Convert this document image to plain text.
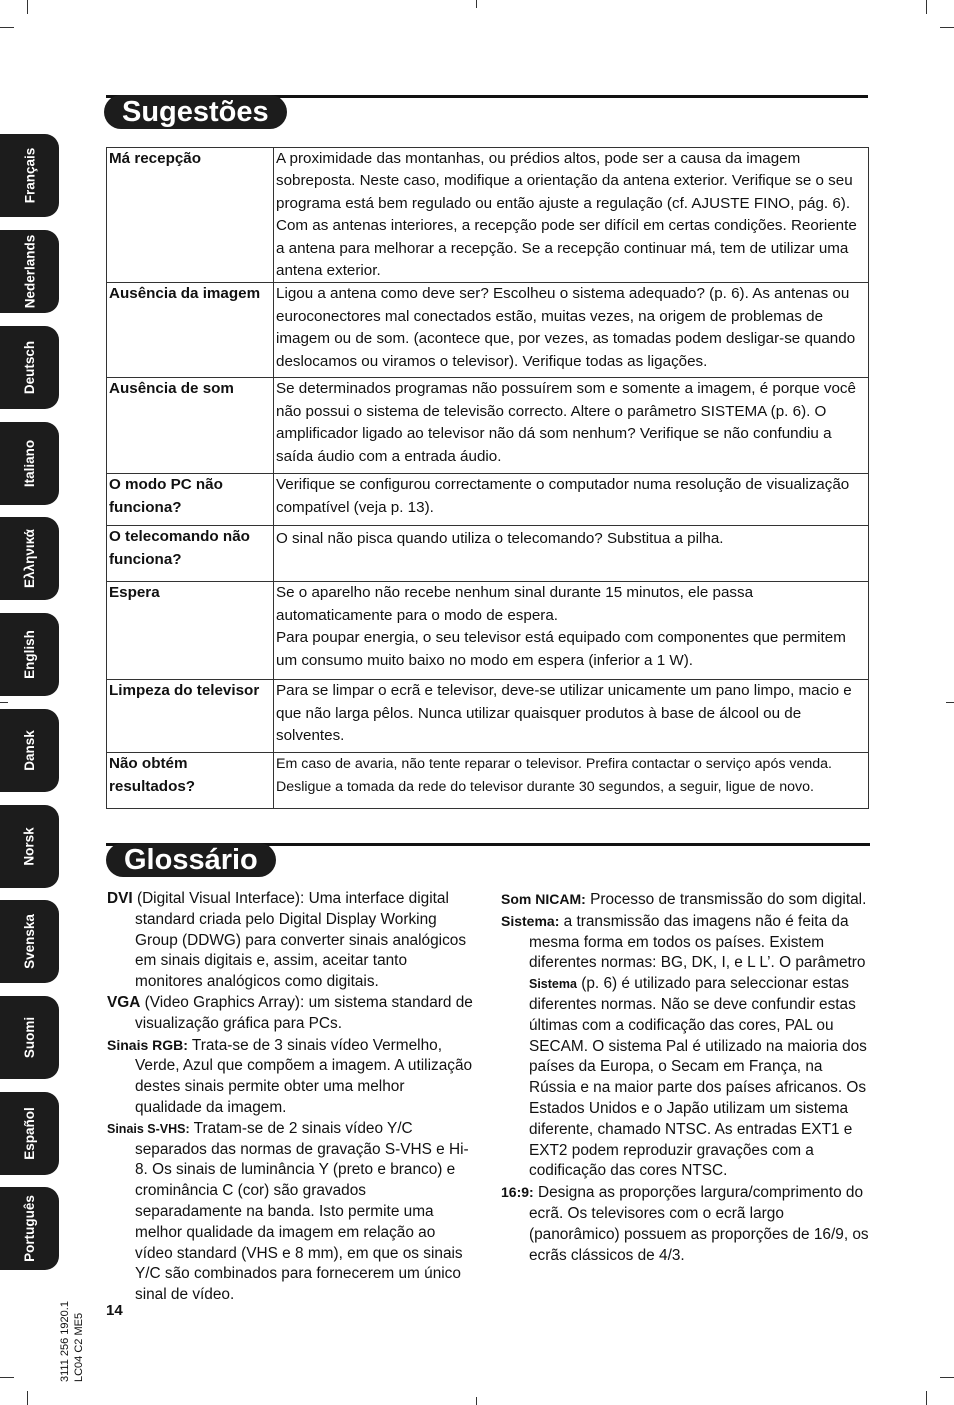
Français
Nederlands
Deutsch
Italiano
Ελληνικά
English
Dansk
Norsk
Svenska
Suomi
Español
Português
Sugestões
Má recepção	A proximidade das montanhas, ou prédios altos, pode ser a causa da imagem sobreposta. Neste caso, modifique a orientação da antena exterior. Verifique se o seu programa está bem regulado ou então ajuste a regulação (cf. AJUSTE FINO, pág. 6). Com as antenas interiores, a recepção pode ser difícil em certas condições. Reoriente a antena para melhorar a recepção. Se a recepção continuar má, tem de utilizar uma antena exterior.
Ausência da imagem	Ligou a antena como deve ser? Escolheu o sistema adequado? (p. 6). As antenas ou euroconectores mal conectados estão, muitas vezes, na origem de problemas de imagem ou de som. (acontece que, por vezes, as tomadas podem desligar-se quando deslocamos ou viramos o televisor). Verifique todas as ligações.
Ausência de som	Se determinados programas não possuírem som e somente a imagem, é porque você não possui o sistema de televisão correcto. Altere o parâmetro SISTEMA (p. 6). O amplificador ligado ao televisor não dá som nenhum? Verifique se não confundiu a saída áudio com a entrada áudio.
O modo PC não funciona?	Verifique se configurou correctamente o computador numa resolução de visualização compatível (veja p. 13).
O telecomando não funciona?	O sinal não pisca quando utiliza o telecomando? Substitua a pilha.
Espera	Se o aparelho não recebe nenhum sinal durante 15 minutos, ele passa automaticamente para o modo de espera.
Para poupar energia, o seu televisor está equipado com componentes que permitem um consumo muito baixo no modo em espera (inferior a 1 W).

Limpeza do televisor	Para se limpar o ecrã e televisor, deve-se utilizar unicamente um pano limpo, macio e que não larga pêlos. Nunca utilizar quaisquer produtos à base de álcool ou de solventes.
Não obtém resultados?	Em caso de avaria, não tente reparar o televisor. Prefira contactar o serviço após venda. Desligue a tomada da rede do televisor durante 30 segundos, a seguir, ligue de novo.
Glossário

DVI (Digital Visual Interface): Uma interface digital standard criada pelo Digital Display Working Group (DDWG) para converter sinais analógicos em sinais digitais e, assim, aceitar tanto monitores analógicos como digitais.

VGA (Video Graphics Array): um sistema standard de visualização gráfica para PCs.

Sinais RGB: Trata-se de 3 sinais vídeo Vermelho, Verde, Azul que compõem a imagem. A utilização destes sinais permite obter uma melhor qualidade da imagem.

Sinais S-VHS: Tratam-se de 2 sinais vídeo Y/C separados das normas de gravação S-VHS e Hi-8. Os sinais de luminância Y (preto e branco) e crominância C (cor) são gravados separadamente na banda. Isto permite uma melhor qualidade da imagem em relação ao vídeo standard (VHS e 8 mm), em que os sinais Y/C são combinados para fornecerem um único sinal de vídeo.

Som NICAM: Processo de transmissão do som digital.

Sistema: a transmissão das imagens não é feita da mesma forma em todos os países. Existem diferentes normas: BG, DK, I, e L L’. O parâmetro Sistema (p. 6) é utilizado para seleccionar estas diferentes normas. Não se deve confundir estas últimas com a codificação das cores, PAL ou SECAM. O sistema Pal é utilizado na maioria dos países da Europa, o Secam em França, na Rússia e na maior parte dos países africanos. Os Estados Unidos e o Japão utilizam um sistema diferente, chamado NTSC. As entradas EXT1 e EXT2 podem reproduzir gravações com a codificação das cores NTSC.

16:9: Designa as proporções largura/comprimento do ecrã. Os televisores com o ecrã largo (panorâmico) possuem as proporções de 16/9, os ecrãs clássicos de 4/3.

14
3111 256 1920.1 LC04 C2 ME5
